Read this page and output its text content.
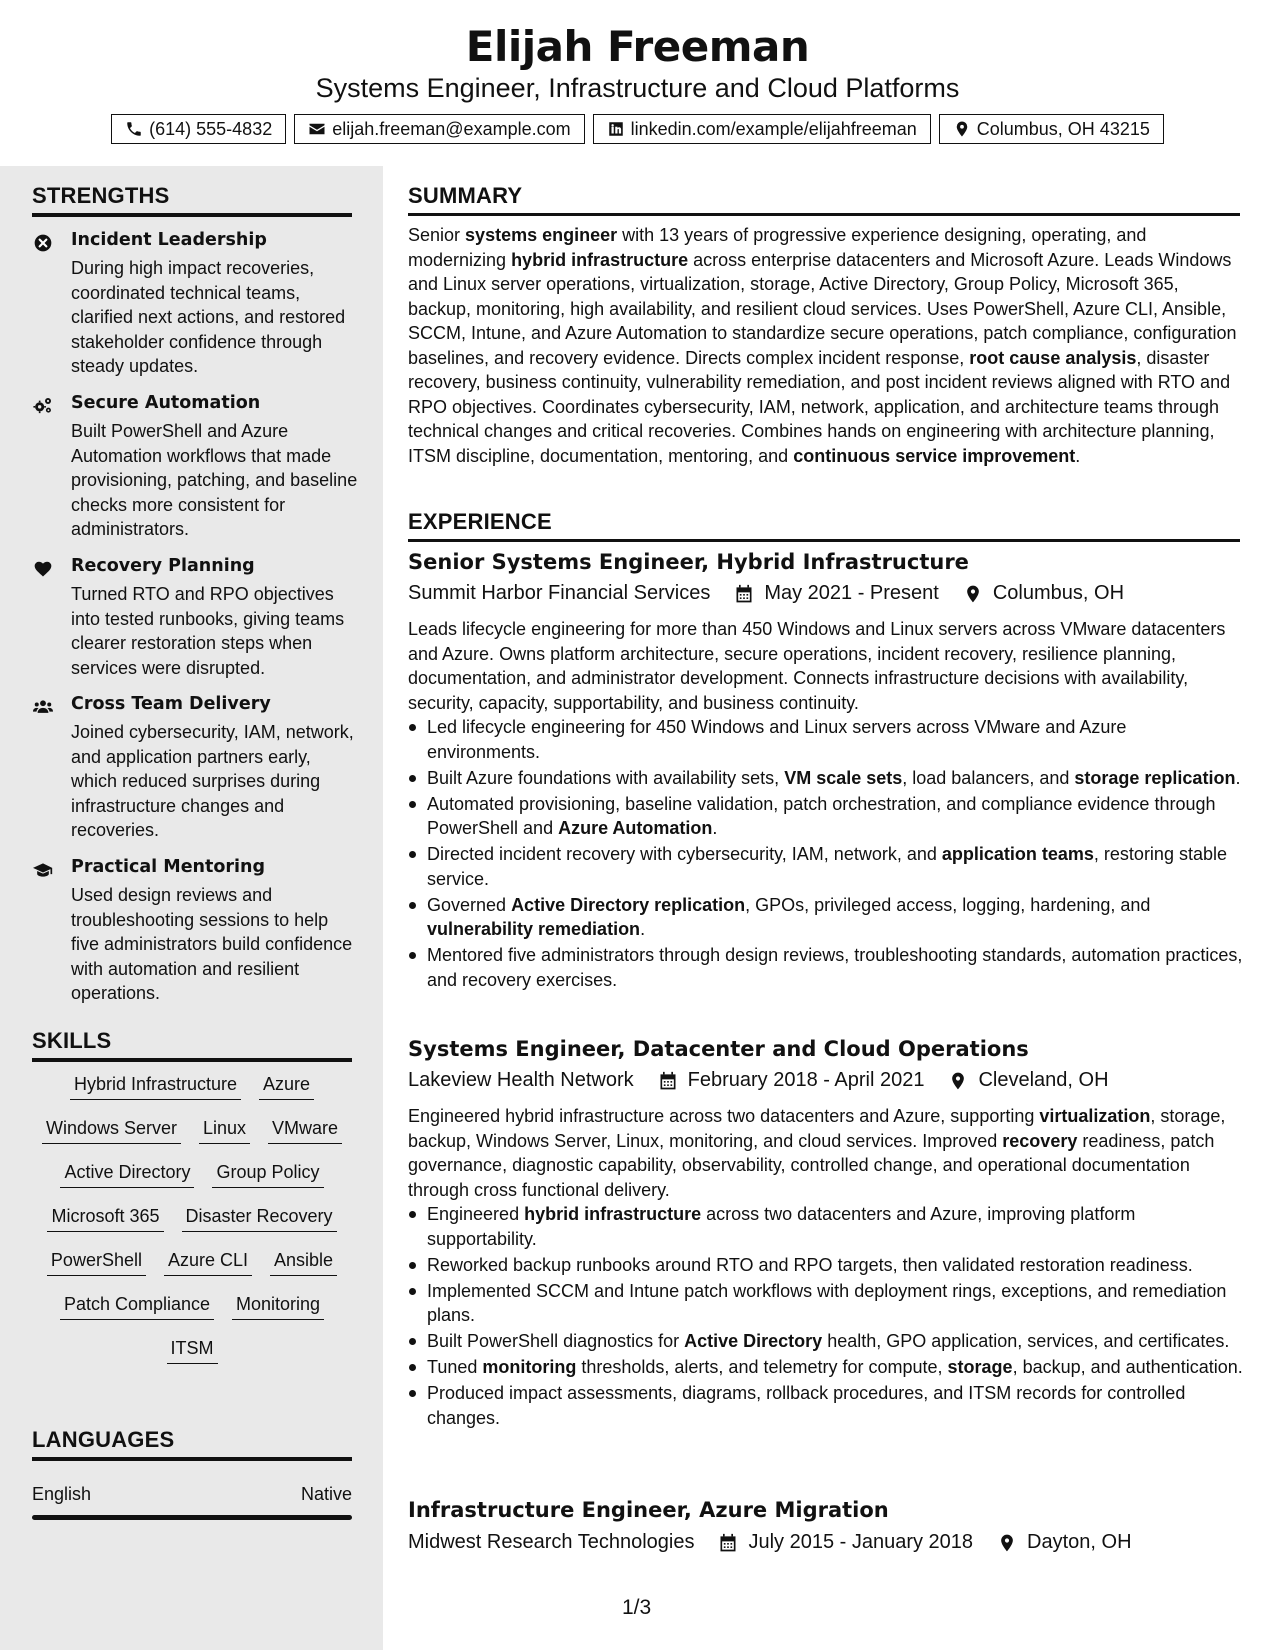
Elijah Freeman
Systems Engineer, Infrastructure and Cloud Platforms
(614) 555-4832	elijah.freeman@example.com	linkedin.com/example/elijahfreeman	Columbus, OH 43215
STRENGTHS
Incident Leadership
During high impact recoveries, coordinated technical teams, clarified next actions, and restored stakeholder confidence through steady updates.
Secure Automation
Built PowerShell and Azure Automation workflows that made provisioning, patching, and baseline checks more consistent for administrators.
Recovery Planning
Turned RTO and RPO objectives into tested runbooks, giving teams clearer restoration steps when services were disrupted.
Cross Team Delivery
Joined cybersecurity, IAM, network, and application partners early, which reduced surprises during infrastructure changes and recoveries.
Practical Mentoring
Used design reviews and troubleshooting sessions to help five administrators build confidence with automation and resilient operations.
SKILLS
Hybrid Infrastructure Azure
Windows Server Linux VMware
Active Directory Group Policy
Microsoft 365 Disaster Recovery
PowerShell Azure CLI Ansible
Patch Compliance Monitoring
ITSM
LANGUAGES
English	Native
SUMMARY
Senior systems engineer with 13 years of progressive experience designing, operating, and modernizing hybrid infrastructure across enterprise datacenters and Microsoft Azure. Leads Windows and Linux server operations, virtualization, storage, Active Directory, Group Policy, Microsoft 365, backup, monitoring, high availability, and resilient cloud services. Uses PowerShell, Azure CLI, Ansible, SCCM, Intune, and Azure Automation to standardize secure operations, patch compliance, configuration baselines, and recovery evidence. Directs complex incident response, root cause analysis, disaster recovery, business continuity, vulnerability remediation, and post incident reviews aligned with RTO and RPO objectives. Coordinates cybersecurity, IAM, network, application, and architecture teams through technical changes and critical recoveries. Combines hands on engineering with architecture planning, ITSM discipline, documentation, mentoring, and continuous service improvement.
EXPERIENCE
Senior Systems Engineer, Hybrid Infrastructure
Summit Harbor Financial Services	May 2021 - Present	Columbus, OH
Leads lifecycle engineering for more than 450 Windows and Linux servers across VMware datacenters and Azure. Owns platform architecture, secure operations, incident recovery, resilience planning, documentation, and administrator development. Connects infrastructure decisions with availability, security, capacity, supportability, and business continuity.
Led lifecycle engineering for 450 Windows and Linux servers across VMware and Azure environments.
Built Azure foundations with availability sets, VM scale sets, load balancers, and storage replication.
Automated provisioning, baseline validation, patch orchestration, and compliance evidence through PowerShell and Azure Automation.
Directed incident recovery with cybersecurity, IAM, network, and application teams, restoring stable service.
Governed Active Directory replication, GPOs, privileged access, logging, hardening, and vulnerability remediation.
Mentored five administrators through design reviews, troubleshooting standards, automation practices, and recovery exercises.
Systems Engineer, Datacenter and Cloud Operations
Lakeview Health Network	February 2018 - April 2021	Cleveland, OH
Engineered hybrid infrastructure across two datacenters and Azure, supporting virtualization, storage, backup, Windows Server, Linux, monitoring, and cloud services. Improved recovery readiness, patch governance, diagnostic capability, observability, controlled change, and operational documentation through cross functional delivery.
Engineered hybrid infrastructure across two datacenters and Azure, improving platform supportability.
Reworked backup runbooks around RTO and RPO targets, then validated restoration readiness.
Implemented SCCM and Intune patch workflows with deployment rings, exceptions, and remediation plans.
Built PowerShell diagnostics for Active Directory health, GPO application, services, and certificates.
Tuned monitoring thresholds, alerts, and telemetry for compute, storage, backup, and authentication.
Produced impact assessments, diagrams, rollback procedures, and ITSM records for controlled changes.
Infrastructure Engineer, Azure Migration
Midwest Research Technologies	July 2015 - January 2018	Dayton, OH
1/3
